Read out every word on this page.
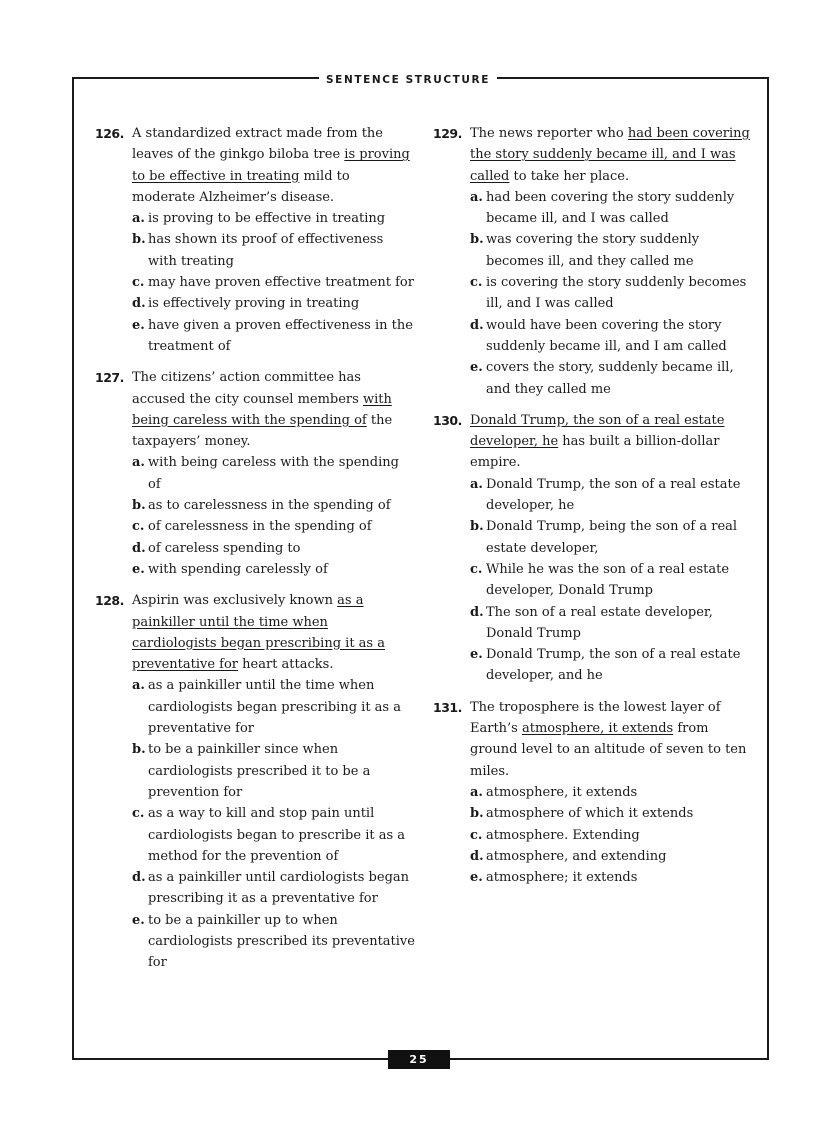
SENTENCE STRUCTURE
126. A standardized extract made from the leaves of the ginkgo biloba tree is proving to be effective in treating mild to moderate Alzheimer’s disease.
a. is proving to be effective in treating
b. has shown its proof of effectiveness with treating
c. may have proven effective treatment for
d. is effectively proving in treating
e. have given a proven effectiveness in the treatment of
127. The citizens’ action committee has accused the city counsel members with being careless with the spending of the taxpayers’ money.
a. with being careless with the spending of
b. as to carelessness in the spending of
c. of carelessness in the spending of
d. of careless spending to
e. with spending carelessly of
128. Aspirin was exclusively known as a painkiller until the time when cardiologists began prescribing it as a preventative for heart attacks.
a. as a painkiller until the time when cardiologists began prescribing it as a preventative for
b. to be a painkiller since when cardiologists prescribed it to be a prevention for
c. as a way to kill and stop pain until cardiologists began to prescribe it as a method for the prevention of
d. as a painkiller until cardiologists began prescribing it as a preventative for
e. to be a painkiller up to when cardiologists prescribed its preventative for
129. The news reporter who had been covering the story suddenly became ill, and I was called to take her place.
a. had been covering the story suddenly became ill, and I was called
b. was covering the story suddenly becomes ill, and they called me
c. is covering the story suddenly becomes ill, and I was called
d. would have been covering the story suddenly became ill, and I am called
e. covers the story, suddenly became ill, and they called me
130. Donald Trump, the son of a real estate developer, he has built a billion-dollar empire.
a. Donald Trump, the son of a real estate developer, he
b. Donald Trump, being the son of a real estate developer,
c. While he was the son of a real estate developer, Donald Trump
d. The son of a real estate developer, Donald Trump
e. Donald Trump, the son of a real estate developer, and he
131. The troposphere is the lowest layer of Earth’s atmosphere, it extends from ground level to an altitude of seven to ten miles.
a. atmosphere, it extends
b. atmosphere of which it extends
c. atmosphere. Extending
d. atmosphere, and extending
e. atmosphere; it extends
25
